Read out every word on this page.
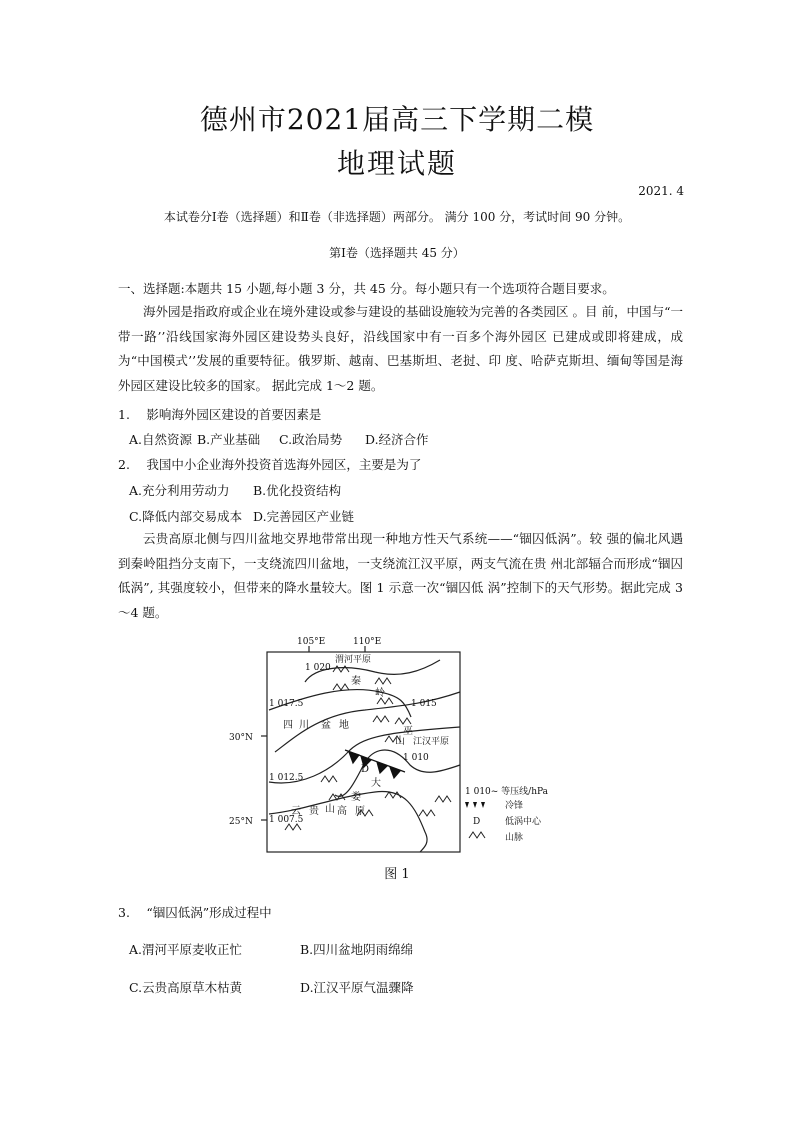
德州市2021届高三下学期二模
地理试题
2021. 4
本试卷分Ⅰ卷（选择题）和Ⅱ卷（非选择题）两部分。 满分 100 分，考试时间 90 分钟。
第Ⅰ卷（选择题共 45 分）
一、选择题:本题共 15 小题,每小题 3 分，共 45 分。每小题只有一个选项符合题目要求。
海外园是指政府或企业在境外建设或参与建设的基础设施较为完善的各类园区 。目 前，中国与“一带一路’’沿线国家海外园区建设势头良好，沿线国家中有一百多个海外园区 已建成或即将建成，成为“中国模式’’发展的重要特征。俄罗斯、越南、巴基斯坦、老挝、印 度、哈萨克斯坦、缅甸等国是海外园区建设比较多的国家。 据此完成 1～2 题。
1.　 影响海外园区建设的首要因素是
A.自然资源 B.产业基础 C.政治局势 D.经济合作
2.　 我国中小企业海外投资首选海外园区，主要是为了
A.充分利用劳动力 B.优化投资结构
C.降低内部交易成本 D.完善园区产业链
云贵高原北侧与四川盆地交界地带常出现一种地方性天气系统——“锢囚低涡”。较 强的偏北风遇到秦岭阻挡分支南下，一支绕流四川盆地，一支绕流江汉平原，两支气流在贵 州北部辐合而形成“锢囚低涡”, 其强度较小，但带来的降水量较大。图 1 示意一次“锢囚低 涡”控制下的天气形势。据此完成 3～4 题。
105°E	110°E
30°N
25°N
1 020
1 017.5	1 015
1 012.5
1 010
1 007.5
渭河平原
秦
岭
四 川 盆 地
巫
山 江汉平原
D
大
娄
山
云 贵 高 原
1 010~ 等压线/hPa
冷锋
D	低涡中心
山脉
图 1
3.　 “锢囚低涡”形成过程中
A.渭河平原麦收正忙	B.四川盆地阴雨绵绵
C.云贵高原草木枯黄	D.江汉平原气温骤降
